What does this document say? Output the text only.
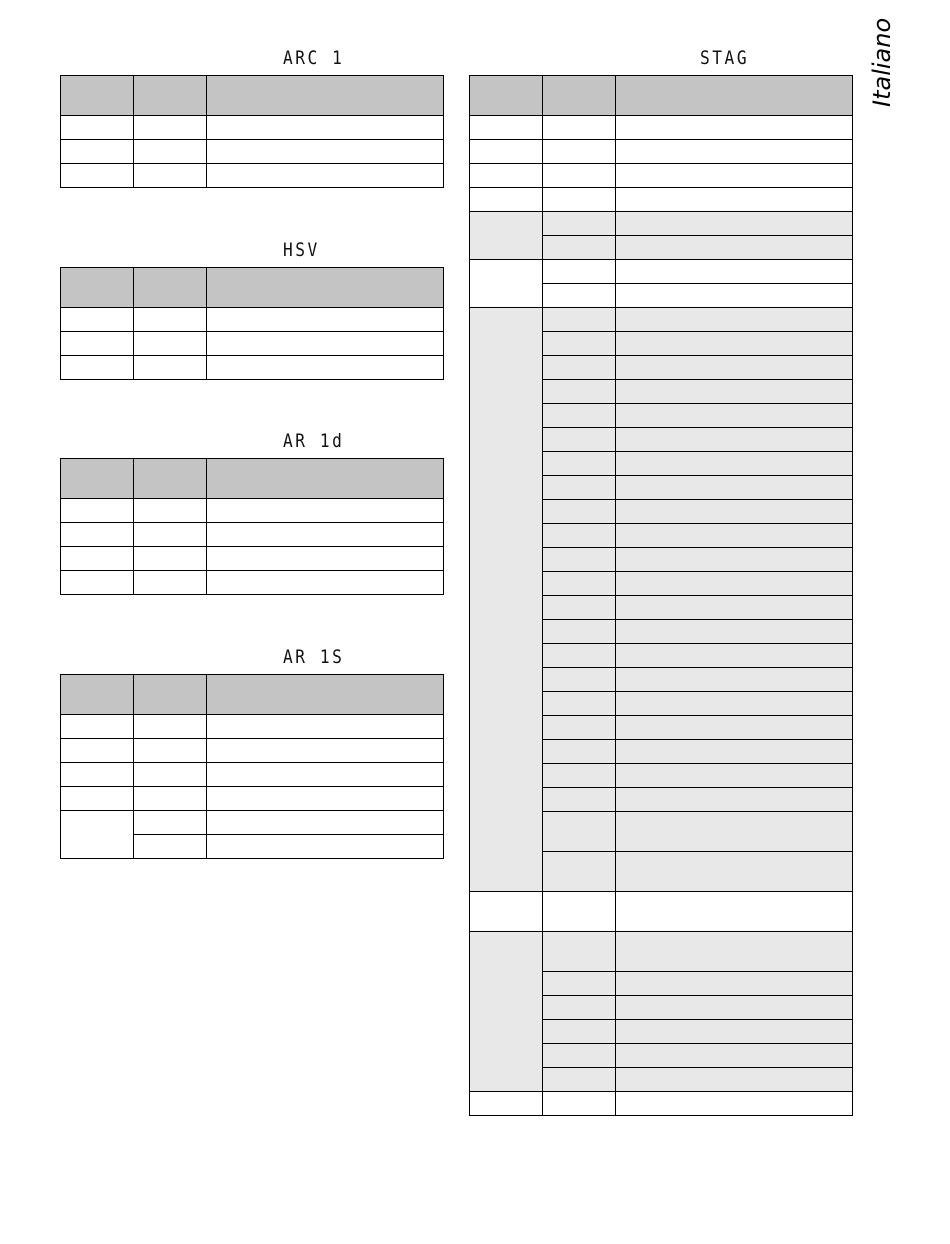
Italiano
ARC 1

HSV

AR 1d

AR 1S

STAG
